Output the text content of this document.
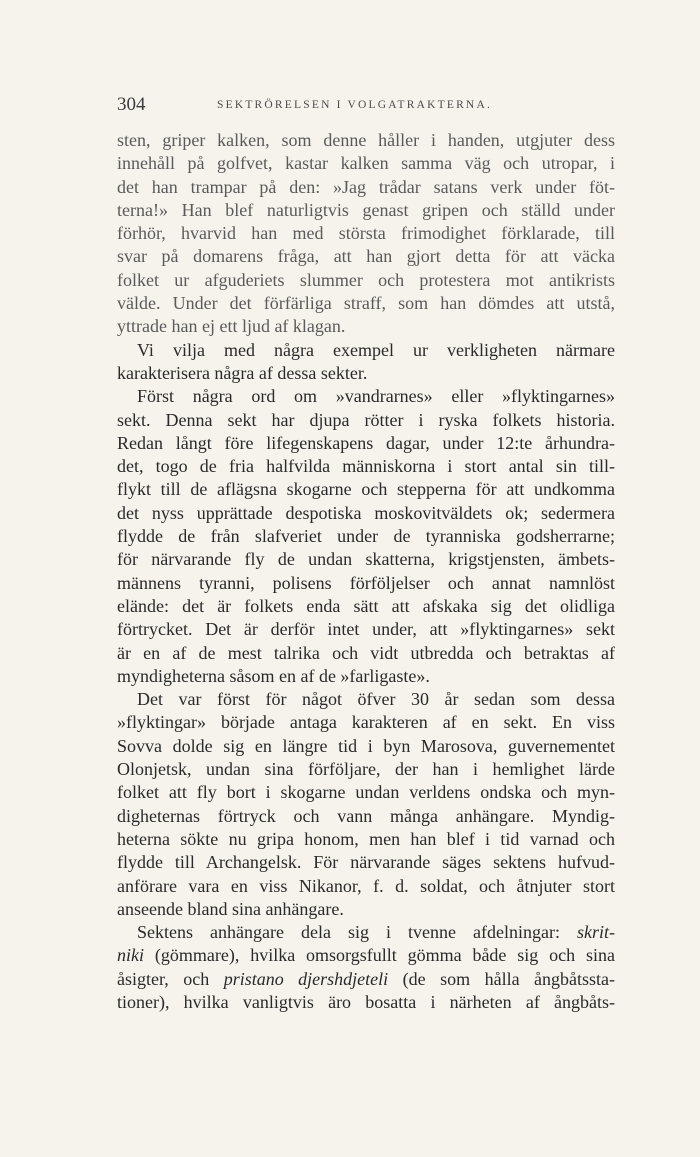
304	SEKTRÖRELSEN I VOLGATRAKTERNA.
sten, griper kalken, som denne håller i handen, utgjuter dess
innehåll på golfvet, kastar kalken samma väg och utropar, i
det han trampar på den: »Jag trådar satans verk under föt-
terna!» Han blef naturligtvis genast gripen och ställd under
förhör, hvarvid han med största frimodighet förklarade, till
svar på domarens fråga, att han gjort detta för att väcka
folket ur afguderiets slummer och protestera mot antikrists
välde. Under det förfärliga straff, som han dömdes att utstå,
yttrade han ej ett ljud af klagan.
Vi vilja med några exempel ur verkligheten närmare
karakterisera några af dessa sekter.
Först några ord om »vandrarnes» eller »flyktingarnes»
sekt. Denna sekt har djupa rötter i ryska folkets historia.
Redan långt före lifegenskapens dagar, under 12:te århundra-
det, togo de fria halfvilda människorna i stort antal sin till-
flykt till de aflägsna skogarne och stepperna för att undkomma
det nyss upprättade despotiska moskovitväldets ok; sedermera
flydde de från slafveriet under de tyranniska godsherrarne;
för närvarande fly de undan skatterna, krigstjensten, ämbets-
männens tyranni, polisens förföljelser och annat namnlöst
elände: det är folkets enda sätt att afskaka sig det olidliga
förtrycket. Det är derför intet under, att »flyktingarnes» sekt
är en af de mest talrika och vidt utbredda och betraktas af
myndigheterna såsom en af de »farligaste».
Det var först för något öfver 30 år sedan som dessa
»flyktingar» började antaga karakteren af en sekt. En viss
Sovva dolde sig en längre tid i byn Marosova, guvernementet
Olonjetsk, undan sina förföljare, der han i hemlighet lärde
folket att fly bort i skogarne undan verldens ondska och myn-
digheternas förtryck och vann många anhängare. Myndig-
heterna sökte nu gripa honom, men han blef i tid varnad och
flydde till Archangelsk. För närvarande säges sektens hufvud-
anförare vara en viss Nikanor, f. d. soldat, och åtnjuter stort
anseende bland sina anhängare.
Sektens anhängare dela sig i tvenne afdelningar: skrit-
niki (gömmare), hvilka omsorgsfullt gömma både sig och sina
åsigter, och pristano djershdjeteli (de som hålla ångbåtssta-
tioner), hvilka vanligtvis äro bosatta i närheten af ångbåts-
